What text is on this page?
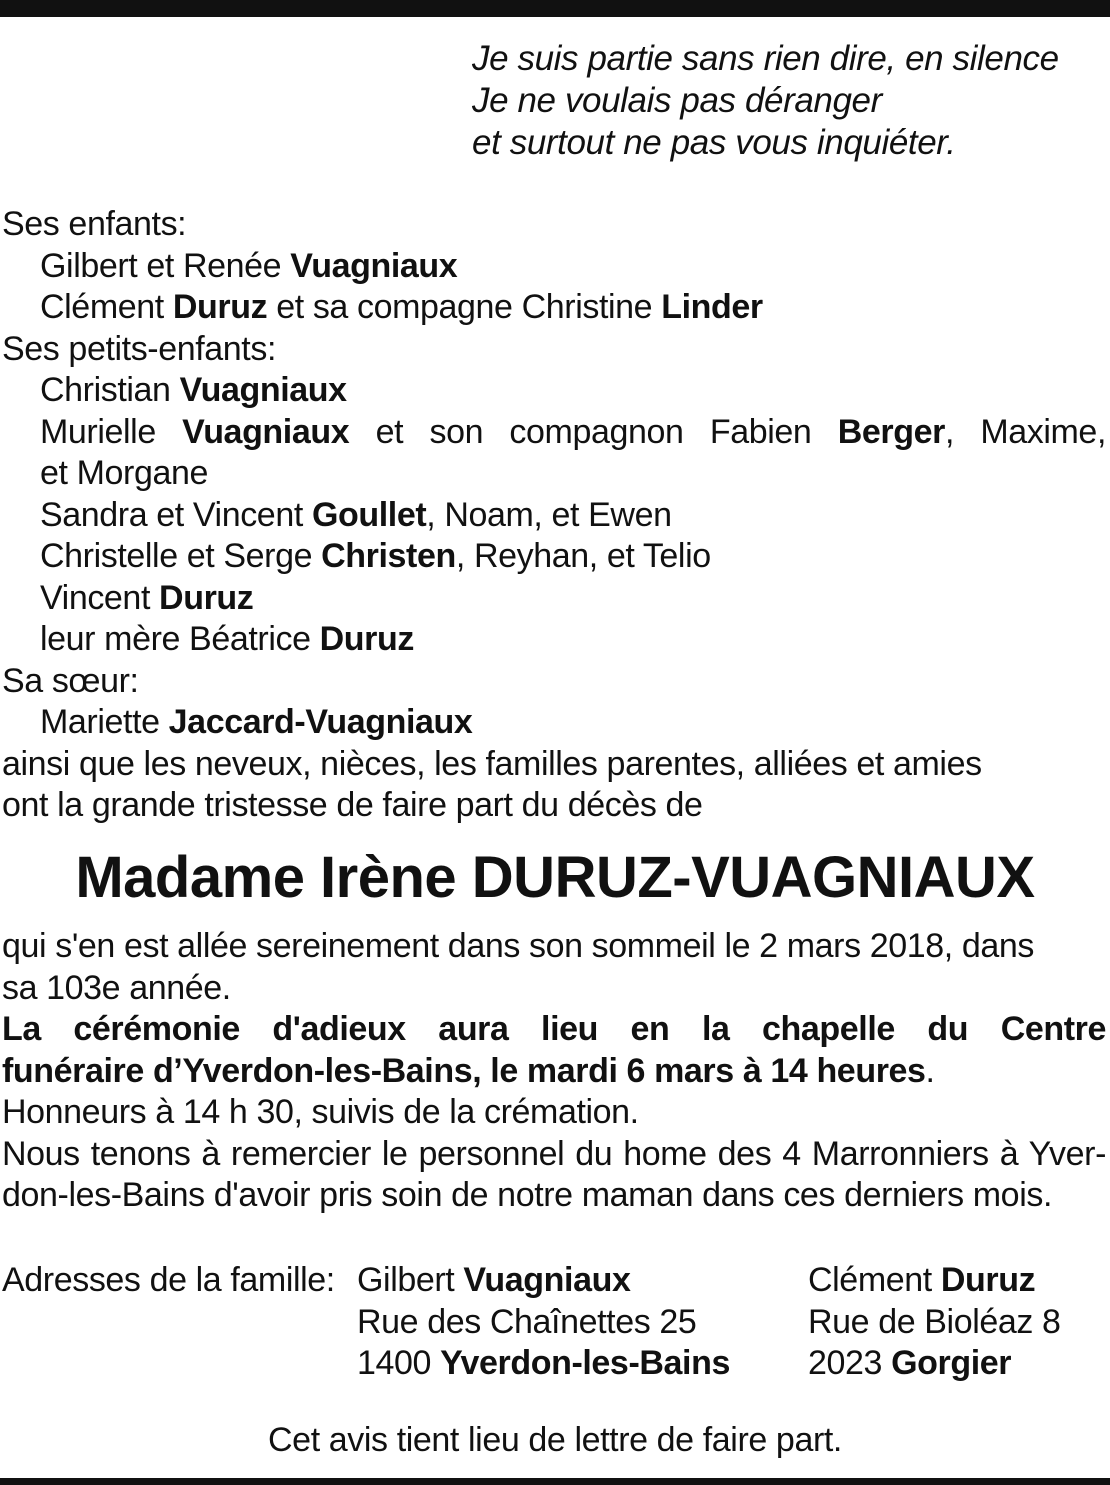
Je suis partie sans rien dire, en silence
Je ne voulais pas déranger
et surtout ne pas vous inquiéter.
Ses enfants:
Gilbert et Renée Vuagniaux
Clément Duruz et sa compagne Christine Linder
Ses petits-enfants:
Christian Vuagniaux
Murielle Vuagniaux et son compagnon Fabien Berger, Maxime,
et Morgane
Sandra et Vincent Goullet, Noam, et Ewen
Christelle et Serge Christen, Reyhan, et Telio
Vincent Duruz
leur mère Béatrice Duruz
Sa sœur:
Mariette Jaccard-Vuagniaux
ainsi que les neveux, nièces, les familles parentes, alliées et amies
ont la grande tristesse de faire part du décès de
Madame Irène DURUZ-VUAGNIAUX
qui s'en est allée sereinement dans son sommeil le 2 mars 2018, dans
sa 103e année.
La cérémonie d'adieux aura lieu en la chapelle du Centre
funéraire d’Yverdon-les-Bains, le mardi 6 mars à 14 heures.
Honneurs à 14 h 30, suivis de la crémation.
Nous tenons à remercier le personnel du home des 4 Marronniers à Yver-
don-les-Bains d'avoir pris soin de notre maman dans ces derniers mois.
Adresses de la famille: Gilbert Vuagniaux
Rue des Chaînettes 25
1400 Yverdon-les-Bains
Clément Duruz
Rue de Bioléaz 8
2023 Gorgier
Cet avis tient lieu de lettre de faire part.
